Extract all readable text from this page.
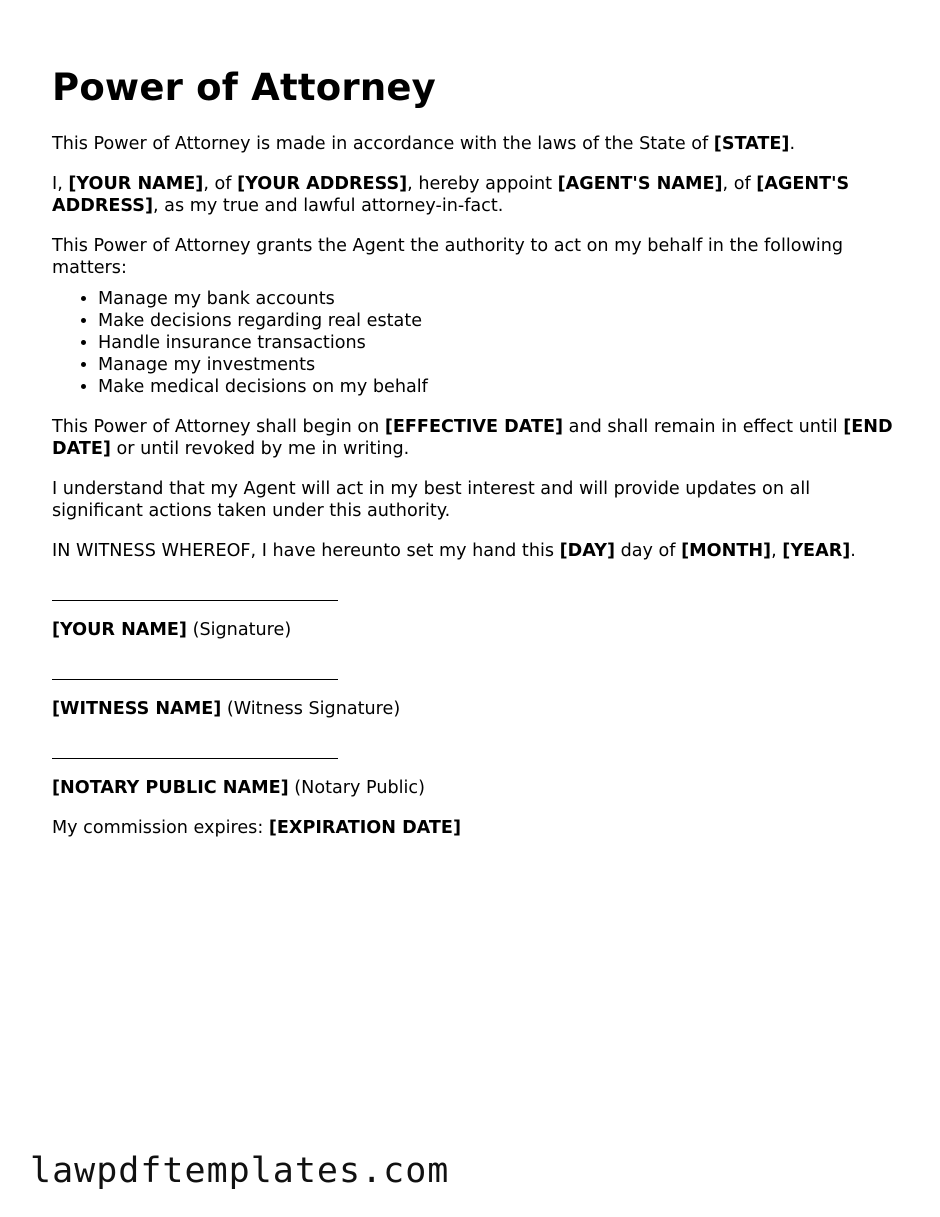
Power of Attorney

This Power of Attorney is made in accordance with the laws of the State of [STATE].

I, [YOUR NAME], of [YOUR ADDRESS], hereby appoint [AGENT'S NAME], of [AGENT'S ADDRESS], as my true and lawful attorney-in-fact.

This Power of Attorney grants the Agent the authority to act on my behalf in the following matters:

• Manage my bank accounts
• Make decisions regarding real estate
• Handle insurance transactions
• Manage my investments
• Make medical decisions on my behalf

This Power of Attorney shall begin on [EFFECTIVE DATE] and shall remain in effect until [END DATE] or until revoked by me in writing.

I understand that my Agent will act in my best interest and will provide updates on all significant actions taken under this authority.

IN WITNESS WHEREOF, I have hereunto set my hand this [DAY] day of [MONTH], [YEAR].

[YOUR NAME] (Signature)

[WITNESS NAME] (Witness Signature)

[NOTARY PUBLIC NAME] (Notary Public)

My commission expires: [EXPIRATION DATE]

lawpdftemplates.com
